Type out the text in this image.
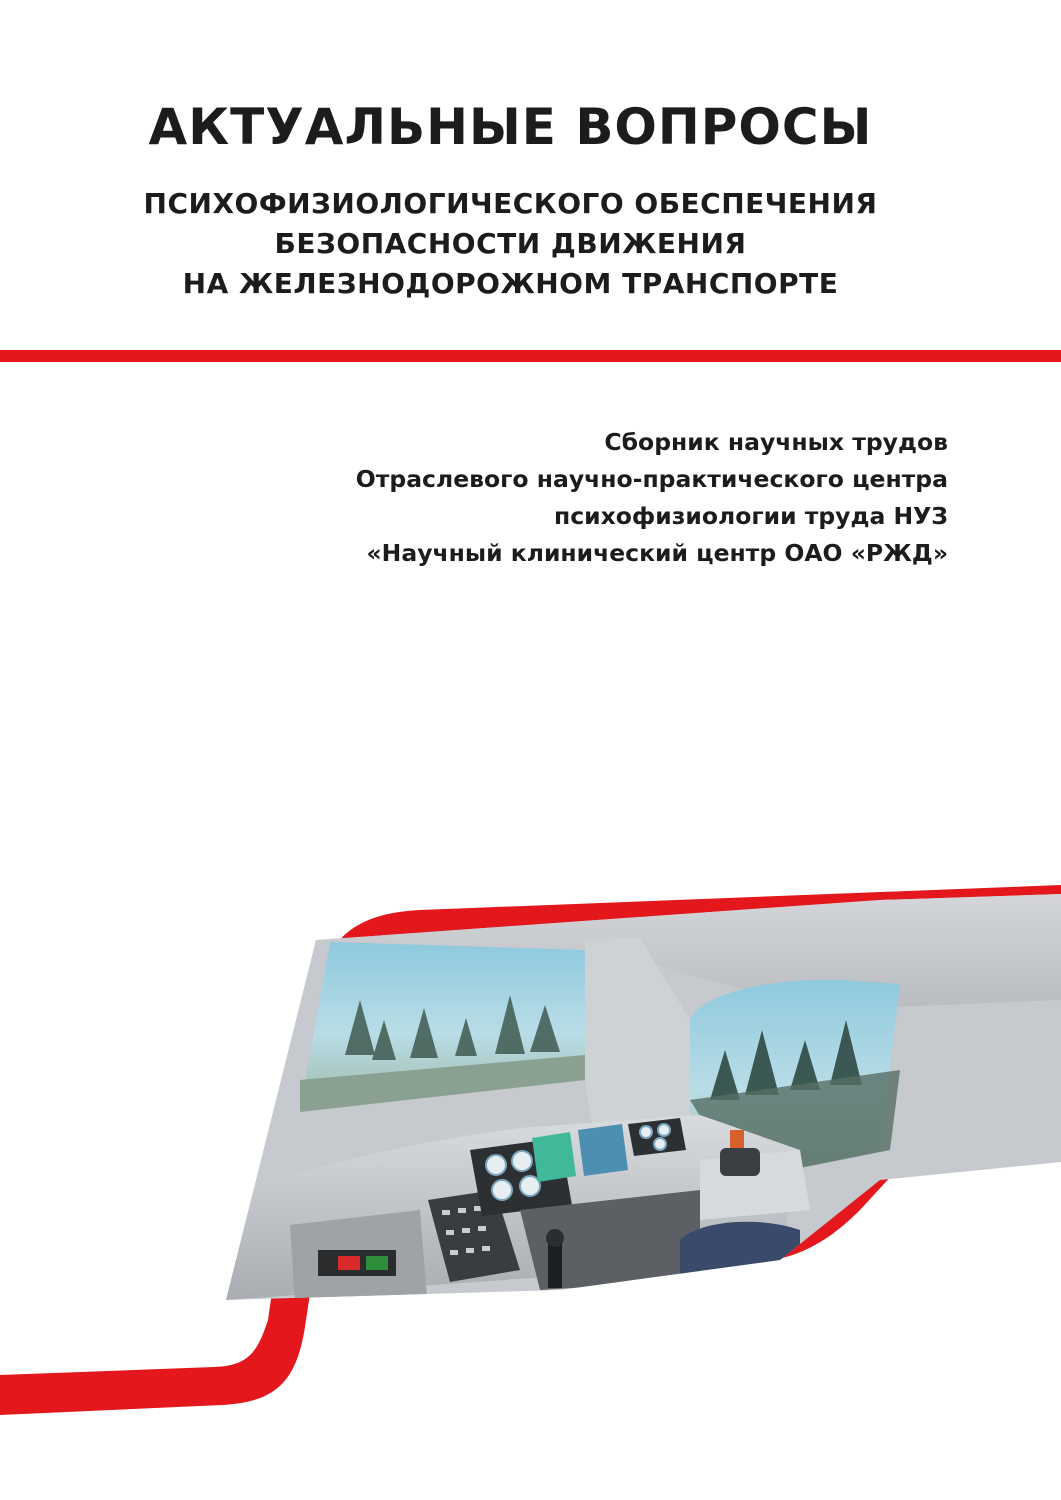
АКТУАЛЬНЫЕ ВОПРОСЫ
ПСИХОФИЗИОЛОГИЧЕСКОГО ОБЕСПЕЧЕНИЯ
БЕЗОПАСНОСТИ ДВИЖЕНИЯ
НА ЖЕЛЕЗНОДОРОЖНОМ ТРАНСПОРТЕ
Сборник научных трудов
Отраслевого научно-практического центра
психофизиологии труда НУЗ
«Научный клинический центр ОАО «РЖД»
